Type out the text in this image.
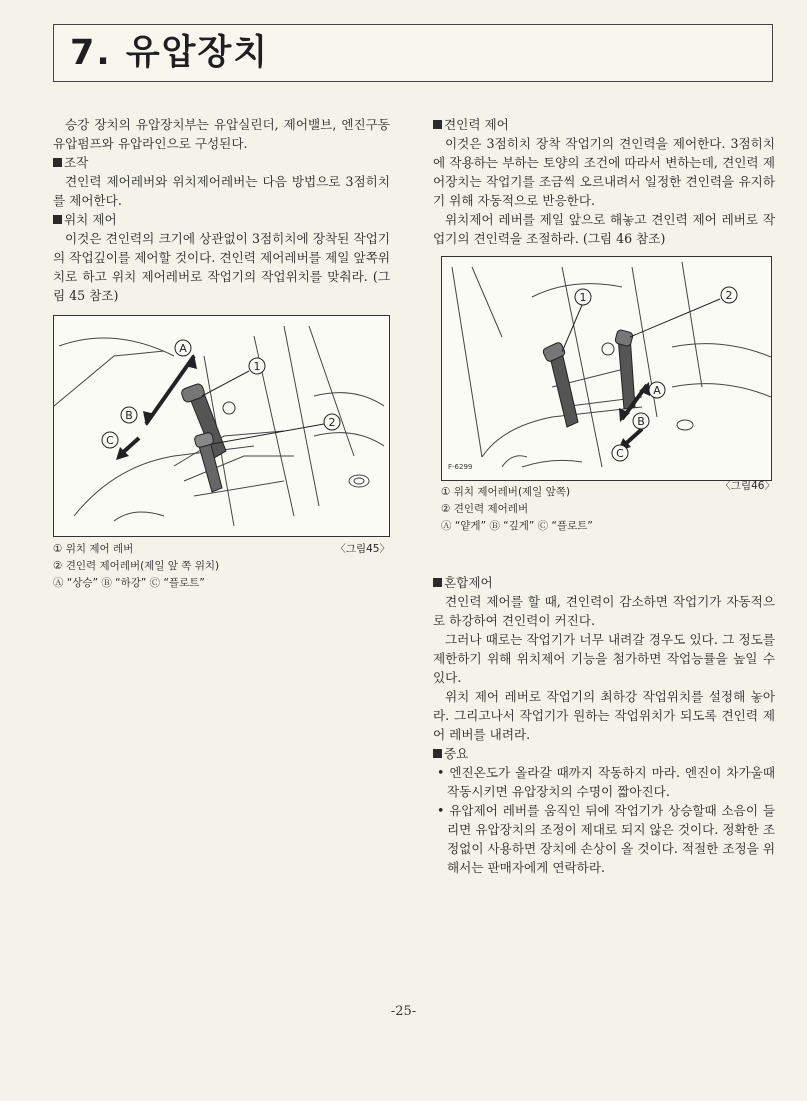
7. 유압장치

승강 장치의 유압장치부는 유압실린더, 제어밸브, 엔진구동 유압펌프와 유압라인으로 구성된다.

조작

견인력 제어레버와 위치제어레버는 다음 방법으로 3점히치를 제어한다.

위치 제어

이것은 견인력의 크기에 상관없이 3점히치에 장착된 작업기의 작업깊이를 제어할 것이다. 견인력 제어레버를 제일 앞쪽위치로 하고 위치 제어레버로 작업기의 작업위치를 맞춰라. (그림 45 참조)

A
B
C
1
2
① 위치 제어 레버	〈그림45〉
② 견인력 제어레버(제일 앞 쪽 위치)
Ⓐ “상승” Ⓑ “하강” Ⓒ “플로트”
견인력 제어

이것은 3점히치 장착 작업기의 견인력을 제어한다. 3점히치에 작용하는 부하는 토양의 조건에 따라서 변하는데, 견인력 제어장치는 작업기를 조금씩 오르내려서 일정한 견인력을 유지하기 위해 자동적으로 반응한다.

위치제어 레버를 제일 앞으로 해놓고 견인력 제어 레버로 작업기의 견인력을 조절하라. (그림 46 참조)

1	2
A
B
C
F-6299
① 위치 제어레버(제일 앞쪽)	〈그림46〉
② 견인력 제어레버
Ⓐ “얕게” Ⓑ “깊게” Ⓒ “플로트”
혼합제어

견인력 제어를 할 때, 견인력이 감소하면 작업기가 자동적으로 하강하여 견인력이 커진다.

그러나 때로는 작업기가 너무 내려갈 경우도 있다. 그 정도를 제한하기 위해 위치제어 기능을 첨가하면 작업능률을 높일 수 있다.

위치 제어 레버로 작업기의 최하강 작업위치를 설정해 놓아라. 그리고나서 작업기가 원하는 작업위치가 되도록 견인력 제어 레버를 내려라.

중요

• 엔진온도가 올라갈 때까지 작동하지 마라. 엔진이 차가울때 작동시키면 유압장치의 수명이 짧아진다.

• 유압제어 레버를 움직인 뒤에 작업기가 상승할때 소음이 들리면 유압장치의 조정이 제대로 되지 않은 것이다. 정확한 조정없이 사용하면 장치에 손상이 올 것이다. 적절한 조정을 위해서는 판매자에게 연락하라.

-25-
